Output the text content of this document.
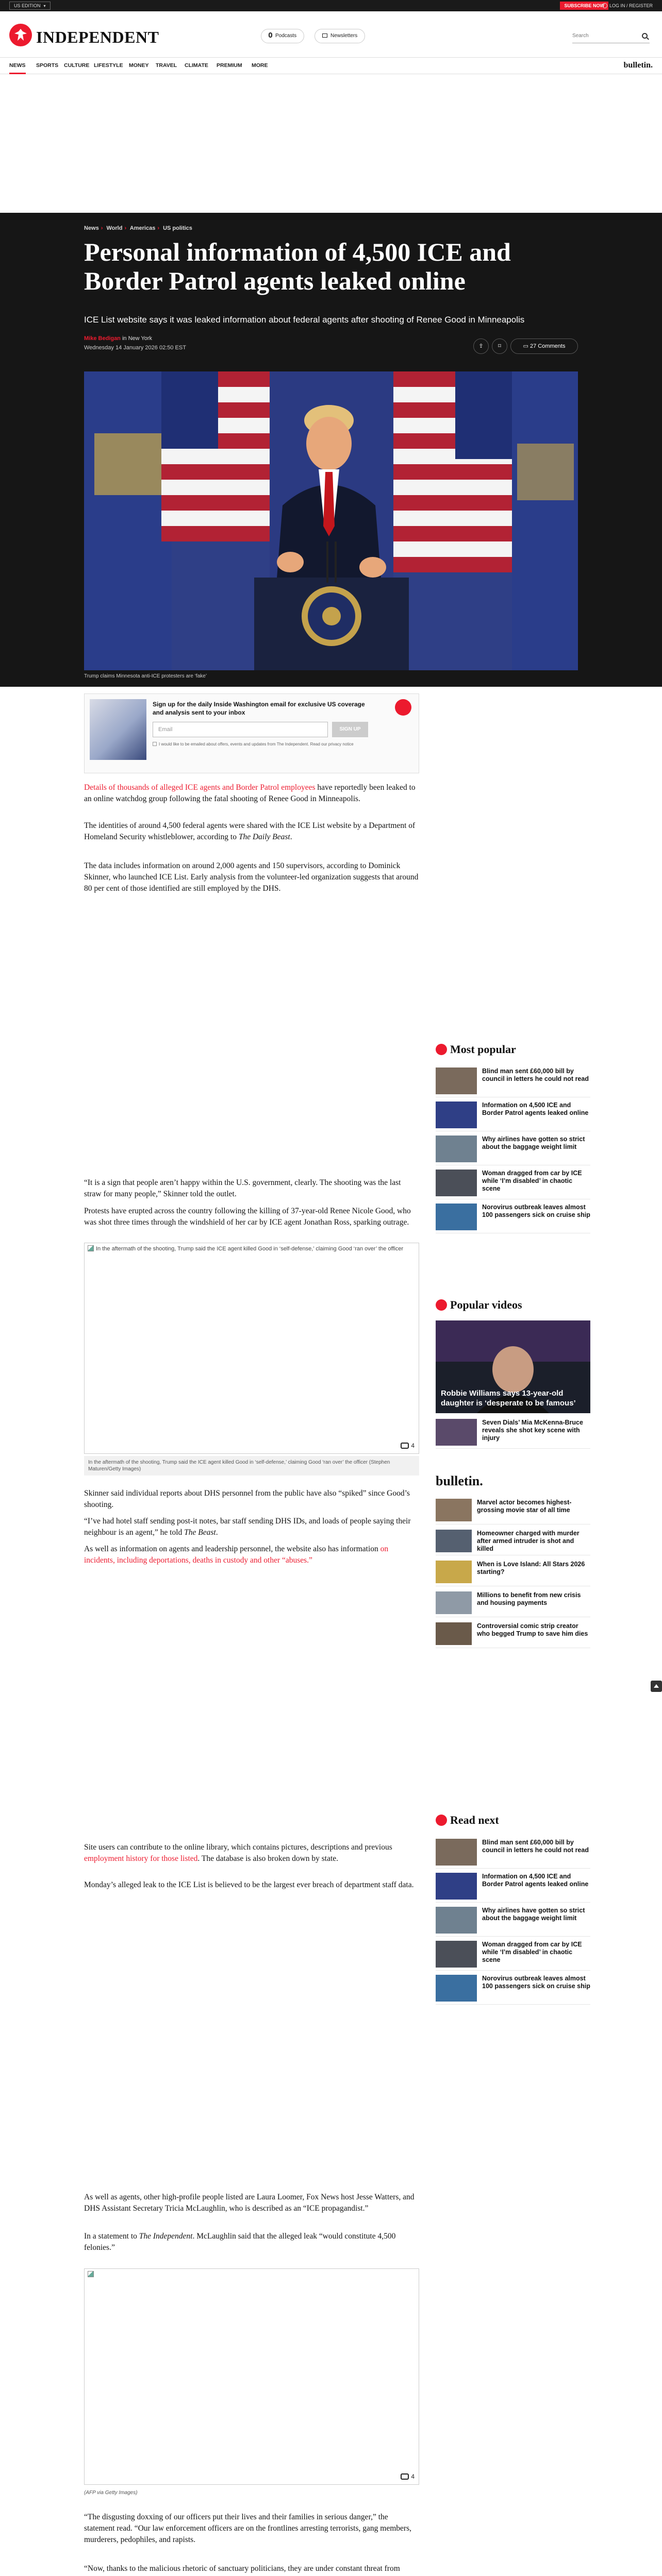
US EDITION ▾	SUBSCRIBE NOW	LOG IN / REGISTER
INDEPENDENT	Podcasts	Newsletters	Search
NEWS SPORTS CULTURE LIFESTYLE MONEY TRAVEL CLIMATE PREMIUM MORE	bulletin.
News › World › Americas › US politics
Personal information of 4,500 ICE and Border Patrol agents leaked online
ICE List website says it was leaked information about federal agents after shooting of Renee Good in Minneapolis
Mike Bedigan in New York
Wednesday 14 January 2026 02:50 EST	⇪	⌑	▭ 27 Comments
Trump claims Minnesota anti-ICE protesters are ‘fake’
Sign up for the daily Inside Washington email for exclusive US coverage and analysis sent to your inbox
Email	SIGN UP
I would like to be emailed about offers, events and updates from The Independent. Read our privacy notice
Details of thousands of alleged ICE agents and Border Patrol employees have reportedly been leaked to an online watchdog group following the fatal shooting of Renee Good in Minneapolis.
The identities of around 4,500 federal agents were shared with the ICE List website by a Department of Homeland Security whistleblower, according to The Daily Beast.
The data includes information on around 2,000 agents and 150 supervisors, according to Dominick Skinner, who launched ICE List. Early analysis from the volunteer-led organization suggests that around 80 per cent of those identified are still employed by the DHS.
“It is a sign that people aren’t happy within the U.S. government, clearly. The shooting was the last straw for many people,” Skinner told the outlet.
Protests have erupted across the country following the killing of 37-year-old Renee Nicole Good, who was shot three times through the windshield of her car by ICE agent Jonathan Ross, sparking outrage.
In the aftermath of the shooting, Trump said the ICE agent killed Good in ‘self-defense,’ claiming Good ‘ran over’ the officer
4
In the aftermath of the shooting, Trump said the ICE agent killed Good in ‘self-defense,’ claiming Good ‘ran over’ the officer (Stephen Maturen/Getty Images)
Skinner said individual reports about DHS personnel from the public have also “spiked” since Good’s shooting.
“I’ve had hotel staff sending post-it notes, bar staff sending DHS IDs, and loads of people saying their neighbour is an agent,” he told The Beast.
As well as information on agents and leadership personnel, the website also has information on incidents, including deportations, deaths in custody and other “abuses.”
Site users can contribute to the online library, which contains pictures, descriptions and previous employment history for those listed. The database is also broken down by state.
Monday’s alleged leak to the ICE List is believed to be the largest ever breach of department staff data.
As well as agents, other high-profile people listed are Laura Loomer, Fox News host Jesse Watters, and DHS Assistant Secretary Tricia McLaughlin, who is described as an “ICE propagandist.”
In a statement to The Independent. McLaughlin said that the alleged leak “would constitute 4,500 felonies.”
4
(AFP via Getty Images)
“The disgusting doxxing of our officers put their lives and their families in serious danger,” the statement read. “Our law enforcement officers are on the frontlines arresting terrorists, gang members, murderers, pedophiles, and rapists.
“Now, thanks to the malicious rhetoric of sanctuary politicians, they are under constant threat from
Most popular
Blind man sent £60,000 bill by council in letters he could not read
Information on 4,500 ICE and Border Patrol agents leaked online
Why airlines have gotten so strict about the baggage weight limit
Woman dragged from car by ICE while ‘I’m disabled’ in chaotic scene
Norovirus outbreak leaves almost 100 passengers sick on cruise ship
Popular videos
Robbie Williams says 13-year-old daughter is ‘desperate to be famous’
Seven Dials’ Mia McKenna-Bruce reveals she shot key scene with injury
bulletin.
Marvel actor becomes highest-grossing movie star of all time
Homeowner charged with murder after armed intruder is shot and killed
When is Love Island: All Stars 2026 starting?
Millions to benefit from new crisis and housing payments
Controversial comic strip creator who begged Trump to save him dies
Read next
Blind man sent £60,000 bill by council in letters he could not read
Information on 4,500 ICE and Border Patrol agents leaked online
Why airlines have gotten so strict about the baggage weight limit
Woman dragged from car by ICE while ‘I’m disabled’ in chaotic scene
Norovirus outbreak leaves almost 100 passengers sick on cruise ship
